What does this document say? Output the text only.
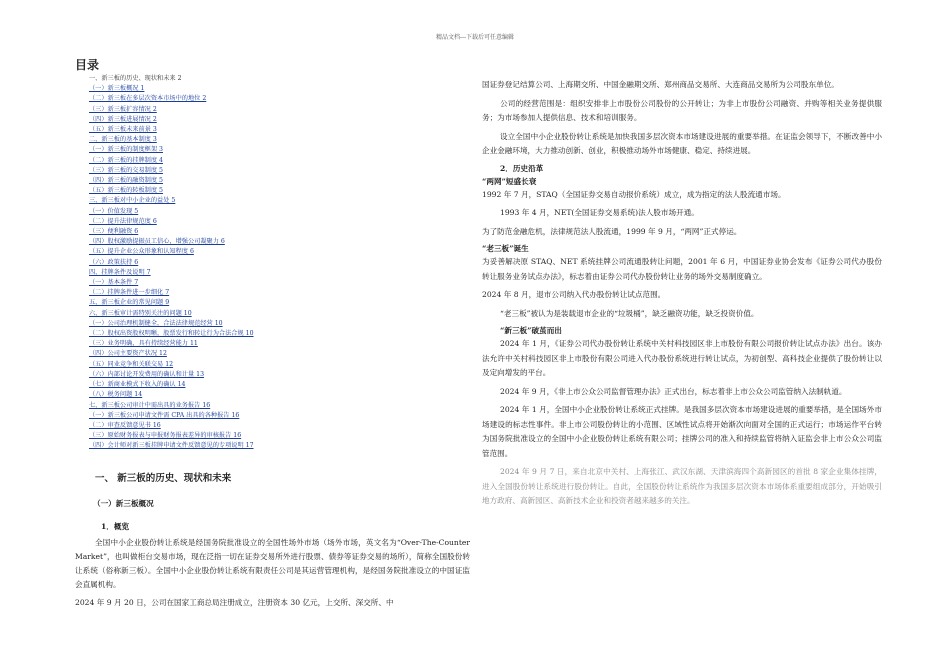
精品文档---下载后可任意编辑
目录
一、新三板的历史、现状和未来 2
（一）新三板概况 1
（二）新三板在多层次资本市场中的地位 2
（三）新三板扩容情况 2
（四）新三板进展情况 2
（五）新三板未来前景 3
二、新三板的基本制度 3
（一）新三板的制度框架 3
（二）新三板的挂牌制度 4
（三）新三板的交易制度 5
（四）新三板的融资制度 5
（五）新三板的转板制度 5
三、新三板对中小企业的益处 5
（一）价值发现 5
（二）提升法律规范度 6
（三）便利融资 6
（四）股权激励提振员工信心，增强公司凝聚力 6
（五）提升企业公众形象和认知程度 6
（六）政策扶持 6
四、挂牌条件及说明 7
（一）基本条件 7
（二）挂牌条件进一步细化 7
五、新三板企业的常见问题 9
六、新三板审计需特别关注的问题 10
（一）公司治理机制健全，合法法律规范经营 10
（二）股权出资股权明晰，股票发行和转让行为合法合规 10
（三）业务明确，具有持续经营能力 11
（四）公司主要资产状况 12
（五）同业竞争和关联交易 12
（六）内部讨论开发费用的确认和计量 13
（七）新商业模式下收入的确认 14
（八）税务问题 14
七、新三板公司审计中需出具的业务报告 16
（一）新三板公司申请文件需 CPA 出具的各种报告 16
（二）审查反馈意见书 16
（三）原始财务报表与申报财务报表差异的审核报告 16
（四）会计师对新三板挂牌申请文件反馈意见的专项说明 17
一、 新三板的历史、现状和未来
（一）新三板概况
1．概览

全国中小企业股份转让系统是经国务院批准设立的全国性场外市场（场外市场，英文名为“Over-The-Counter Market”，也叫做柜台交易市场，现在泛指一切在证券交易所外进行股票、债券等证券交易的场所），简称全国股份转让系统（俗称新三板）。全国中小企业股份转让系统有限责任公司是其运营管理机构，是经国务院批准设立的中国证监会直属机构。

2024 年 9 月 20 日，公司在国家工商总局注册成立，注册资本 30 亿元，上交所、深交所、中

国证券登记结算公司、上海期交所、中国金融期交所、郑州商品交易所、大连商品交易所为公司股东单位。

公司的经营范围是：组织安排非上市股份公司股份的公开转让；为非上市股份公司融资、并购等相关业务提供服务；为市场参加人提供信息、技术和培训服务。

设立全国中小企业股份转让系统是加快我国多层次资本市场建设进展的重要举措。在证监会领导下，不断改善中小企业金融环境，大力推动创新、创业，积极推动场外市场健康、稳定、持续进展。

2．历史沿革
“两网”短盛长衰

1992 年 7 月，STAQ（全国证券交易自动报价系统）成立，成为指定的法人股流通市场。

1993 年 4 月，NET(全国证券交易系统)法人股市场开通。

为了防范金融危机，法律规范法人股流通，1999 年 9 月，“两网”正式停运。

“老三板”诞生

为妥善解决原 STAQ、NET 系统挂牌公司流通股转让问题，2001 年 6 月，中国证券业协会发布《证券公司代办股份转让服务业务试点办法》，标志着由证券公司代办股份转让业务的场外交易制度确立。

2024 年 8 月，退市公司纳入代办股份转让试点范围。

“老三板”被认为是装载退市企业的“垃圾桶”，缺乏融资功能，缺乏投资价值。

“新三板”破茧而出

2024 年 1 月，《证券公司代办股份转让系统中关村科技园区非上市股份有限公司报价转让试点办法》出台。该办法允许中关村科技园区非上市股份有限公司进入代办股份系统进行转让试点，为初创型、高科技企业提供了股份转让以及定向增发的平台。

2024 年 9 月，《非上市公众公司监督管理办法》正式出台，标志着非上市公众公司监管纳入法制轨道。

2024 年 1 月，全国中小企业股份转让系统正式挂牌。是我国多层次资本市场建设进展的重要举措，是全国场外市场建设的标志性事件。非上市公司股份转让的小范围、区域性试点将开始渐次向面对全国的正式运行；市场运作平台转为国务院批准设立的全国中小企业股份转让系统有限公司；挂牌公司的准入和持续监管将纳入证监会非上市公众公司监管范围。

2024 年 9 月 7 日，来自北京中关村、上海张江、武汉东湖、天津滨海四个高新园区的首批 8 家企业集体挂牌，进入全国股份转让系统进行股份转让。自此，全国股份转让系统作为我国多层次资本市场体系重要组成部分，开始吸引地方政府、高新园区、高新技术企业和投资者越来越多的关注。
